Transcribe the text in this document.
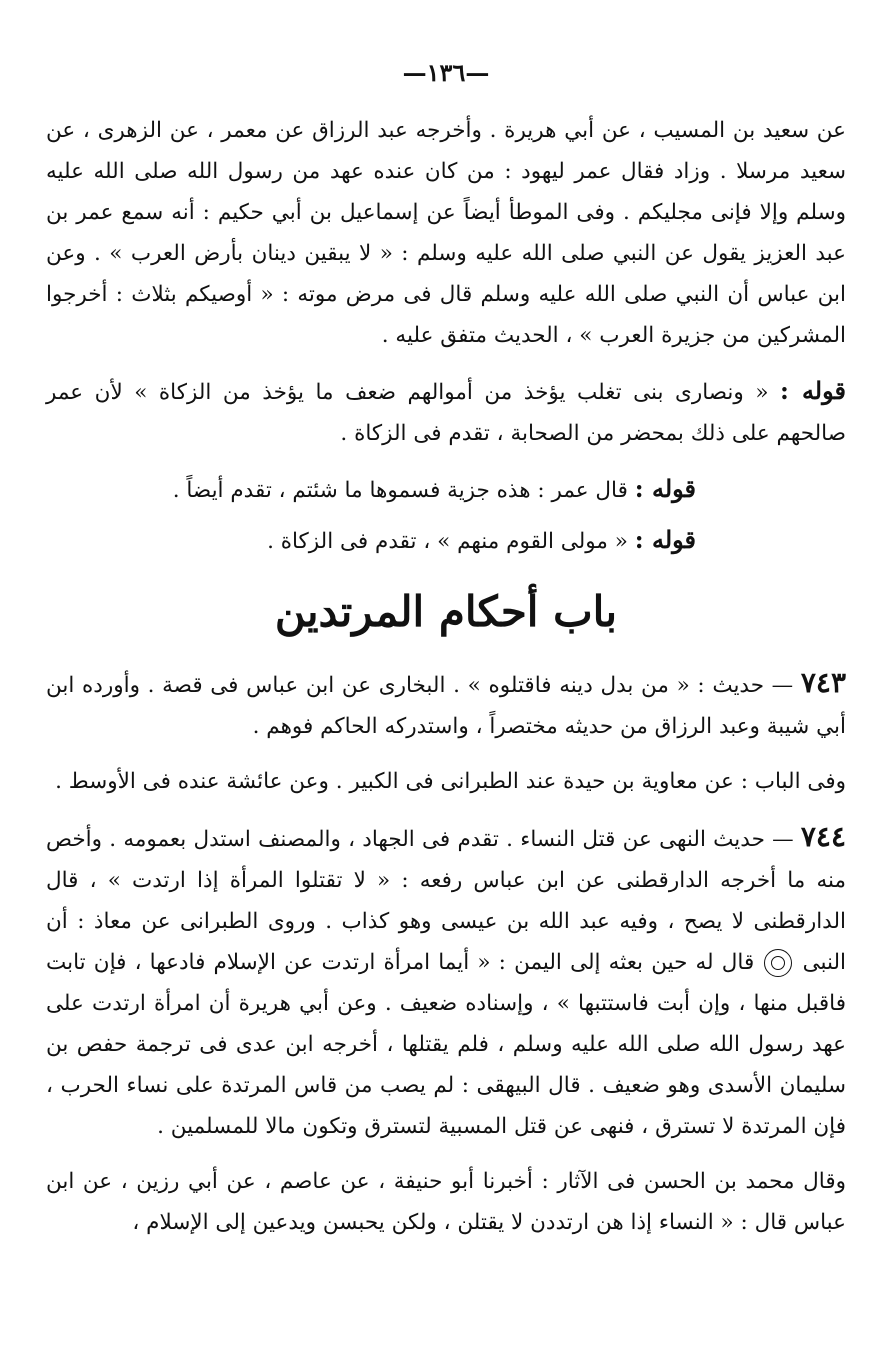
—١٣٦—

عن سعيد بن المسيب ، عن أبي هريرة . وأخرجه عبد الرزاق عن معمر ، عن الزهرى ، عن سعيد مرسلا . وزاد فقال عمر ليهود : من كان عنده عهد من رسول الله صلى الله عليه وسلم وإلا فإنى مجليكم . وفى الموطأ أيضاً عن إسماعيل بن أبي حكيم : أنه سمع عمر بن عبد العزيز يقول عن النبي صلى الله عليه وسلم : « لا يبقين دينان بأرض العرب » . وعن ابن عباس أن النبي صلى الله عليه وسلم قال فى مرض موته : « أوصيكم بثلاث : أخرجوا المشركين من جزيرة العرب » ، الحديث متفق عليه .

قوله : « ونصارى بنى تغلب يؤخذ من أموالهم ضعف ما يؤخذ من الزكاة » لأن عمر صالحهم على ذلك بمحضر من الصحابة ، تقدم فى الزكاة .

قوله : قال عمر : هذه جزية فسموها ما شئتم ، تقدم أيضاً .

قوله : « مولى القوم منهم » ، تقدم فى الزكاة .

باب أحكام المرتدين

٧٤٣ — حديث : « من بدل دينه فاقتلوه » . البخارى عن ابن عباس فى قصة . وأورده ابن أبي شيبة وعبد الرزاق من حديثه مختصراً ، واستدركه الحاكم فوهم .

وفى الباب : عن معاوية بن حيدة عند الطبرانى فى الكبير . وعن عائشة عنده فى الأوسط .

٧٤٤ — حديث النهى عن قتل النساء . تقدم فى الجهاد ، والمصنف استدل بعمومه . وأخص منه ما أخرجه الدارقطنى عن ابن عباس رفعه : « لا تقتلوا المرأة إذا ارتدت » ، قال الدارقطنى لا يصح ، وفيه عبد الله بن عيسى وهو كذاب . وروى الطبرانى عن معاذ : أن النبى  قال له حين بعثه إلى اليمن : « أيما امرأة ارتدت عن الإسلام فادعها ، فإن تابت فاقبل منها ، وإن أبت فاستتبها » ، وإسناده ضعيف . وعن أبي هريرة أن امرأة ارتدت على عهد رسول الله صلى الله عليه وسلم ، فلم يقتلها ، أخرجه ابن عدى فى ترجمة حفص بن سليمان الأسدى وهو ضعيف . قال البيهقى : لم يصب من قاس المرتدة على نساء الحرب ، فإن المرتدة لا تسترق ، فنهى عن قتل المسبية لتسترق وتكون مالا للمسلمين .

وقال محمد بن الحسن فى الآثار : أخبرنا أبو حنيفة ، عن عاصم ، عن أبي رزين ، عن ابن عباس قال : « النساء إذا هن ارتددن لا يقتلن ، ولكن يحبسن ويدعين إلى الإسلام ،
